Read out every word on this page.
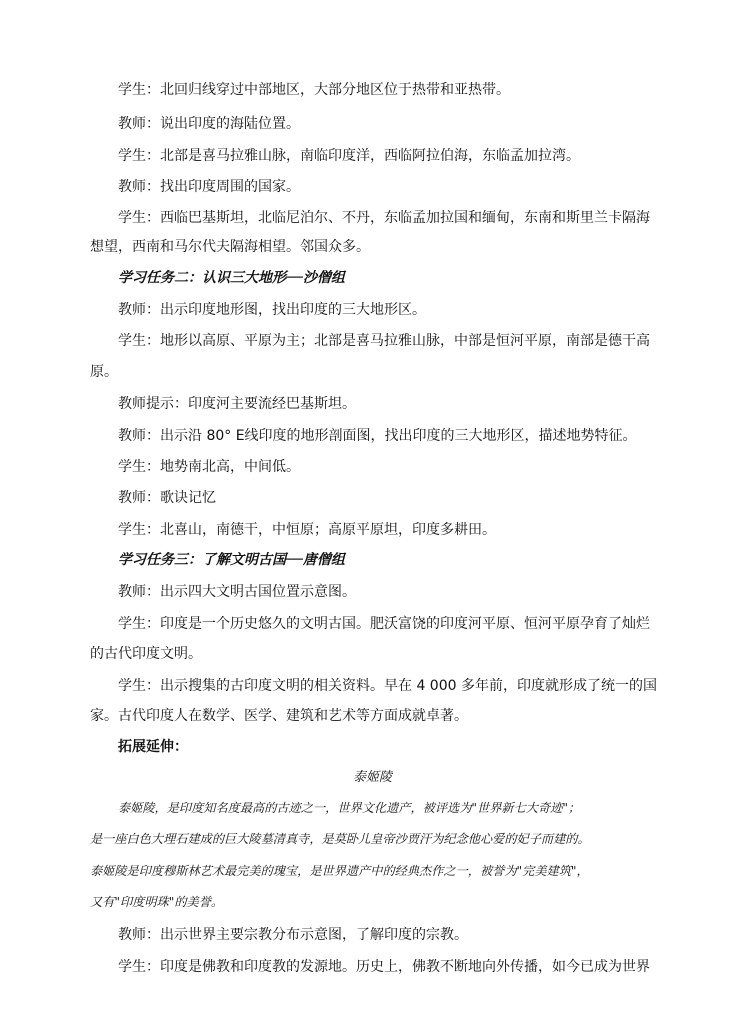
学生：北回归线穿过中部地区，大部分地区位于热带和亚热带。
教师：说出印度的海陆位置。
学生：北部是喜马拉雅山脉，南临印度洋，西临阿拉伯海，东临孟加拉湾。
教师：找出印度周围的国家。
学生：西临巴基斯坦，北临尼泊尔、不丹，东临孟加拉国和缅甸，东南和斯里兰卡隔海
想望，西南和马尔代夫隔海相望。邻国众多。
学习任务二：认识三大地形──沙僧组
教师：出示印度地形图，找出印度的三大地形区。
学生：地形以高原、平原为主；北部是喜马拉雅山脉，中部是恒河平原，南部是德干高
原。
教师提示：印度河主要流经巴基斯坦。
教师：出示沿 80° E线印度的地形剖面图，找出印度的三大地形区，描述地势特征。
学生：地势南北高，中间低。
教师：歌诀记忆
学生：北喜山，南德干，中恒原；高原平原坦，印度多耕田。
学习任务三：了解文明古国──唐僧组
教师：出示四大文明古国位置示意图。
学生：印度是一个历史悠久的文明古国。肥沃富饶的印度河平原、恒河平原孕育了灿烂
的古代印度文明。
学生：出示搜集的古印度文明的相关资料。早在 4 000 多年前，印度就形成了统一的国
家。古代印度人在数学、医学、建筑和艺术等方面成就卓著。
拓展延伸：
泰姬陵
泰姬陵，是印度知名度最高的古迹之一，世界文化遗产，被评选为"世界新七大奇迹"；
是一座白色大理石建成的巨大陵墓清真寺，是莫卧儿皇帝沙贾汗为纪念他心爱的妃子而建的。
泰姬陵是印度穆斯林艺术最完美的瑰宝，是世界遗产中的经典杰作之一，被誉为"完美建筑"，
又有"印度明珠"的美誉。
教师：出示世界主要宗教分布示意图，了解印度的宗教。
学生：印度是佛教和印度教的发源地。历史上，佛教不断地向外传播，如今已成为世界
